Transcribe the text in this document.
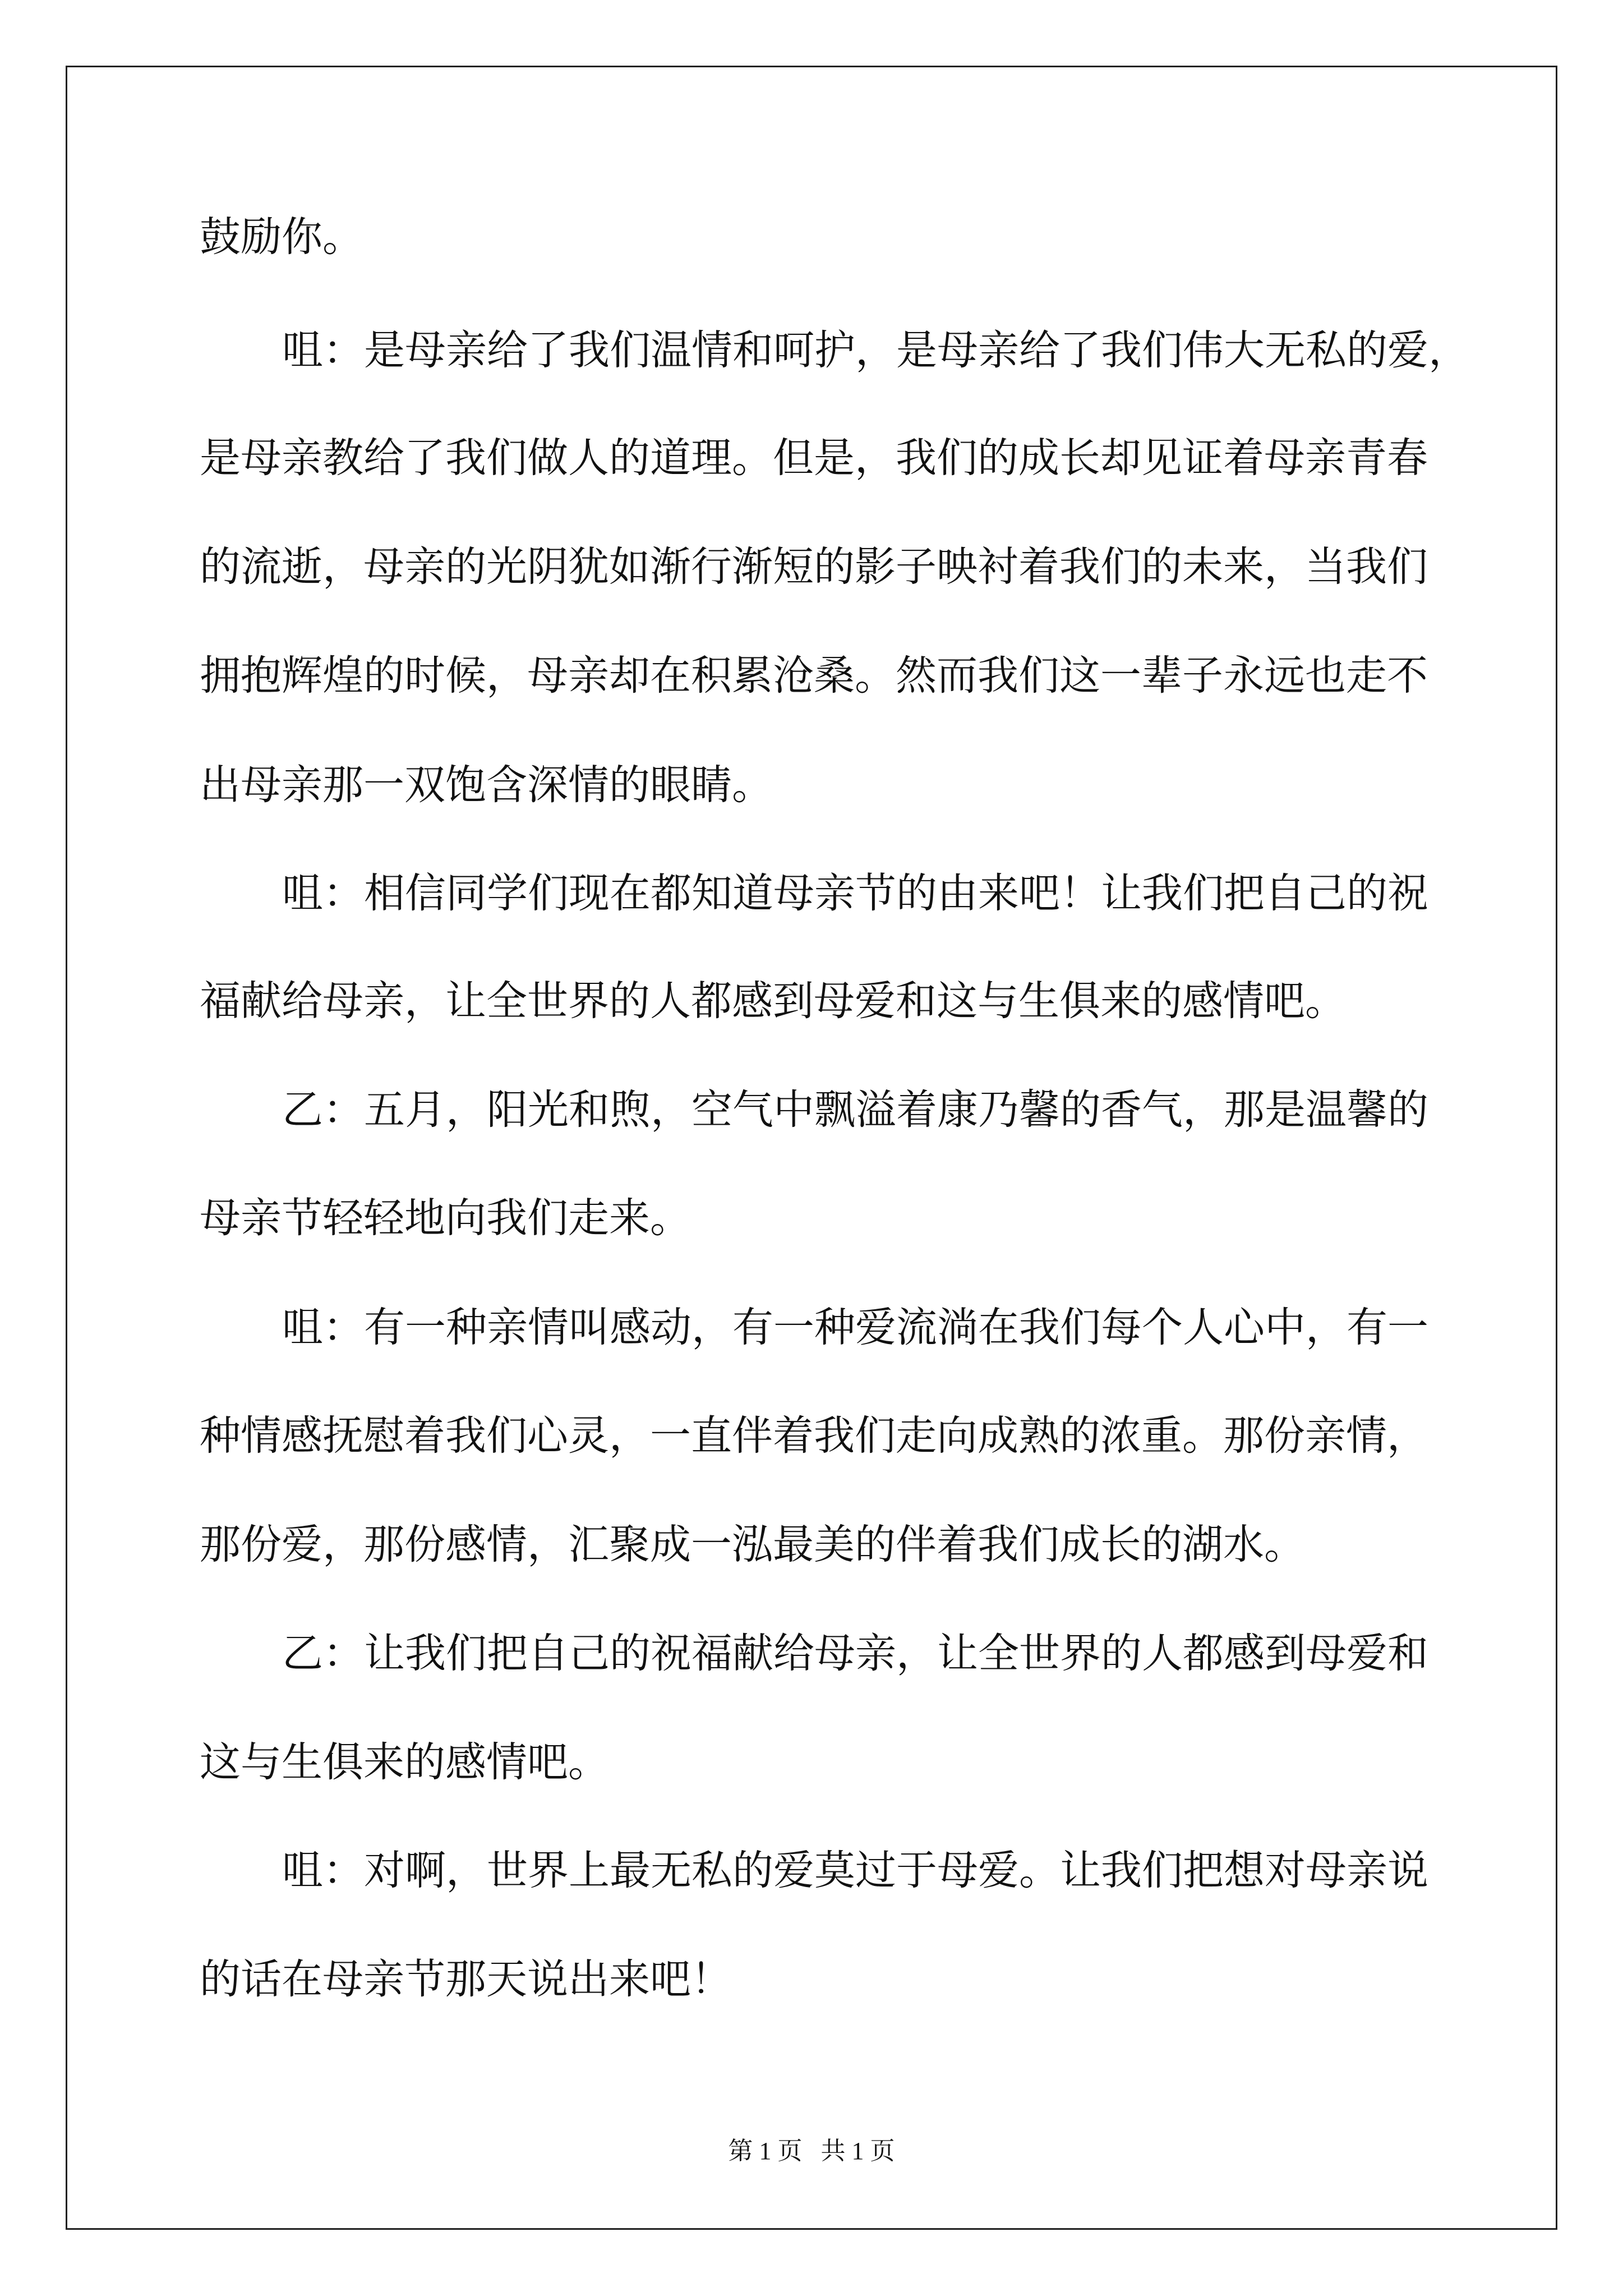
鼓励你。

咀：是母亲给了我们温情和呵护，是母亲给了我们伟大无私的爱，

是母亲教给了我们做人的道理。但是，我们的成长却见证着母亲青春

的流逝，母亲的光阴犹如渐行渐短的影子映衬着我们的未来，当我们

拥抱辉煌的时候，母亲却在积累沧桑。然而我们这一辈子永远也走不

出母亲那一双饱含深情的眼睛。

咀：相信同学们现在都知道母亲节的由来吧！让我们把自己的祝

福献给母亲，让全世界的人都感到母爱和这与生俱来的感情吧。

乙：五月，阳光和煦，空气中飘溢着康乃馨的香气，那是温馨的

母亲节轻轻地向我们走来。

咀：有一种亲情叫感动，有一种爱流淌在我们每个人心中，有一

种情感抚慰着我们心灵，一直伴着我们走向成熟的浓重。那份亲情，

那份爱，那份感情，汇聚成一泓最美的伴着我们成长的湖水。

乙：让我们把自己的祝福献给母亲，让全世界的人都感到母爱和

这与生俱来的感情吧。

咀：对啊，世界上最无私的爱莫过于母爱。让我们把想对母亲说

的话在母亲节那天说出来吧！

第 1 页   共 1 页
